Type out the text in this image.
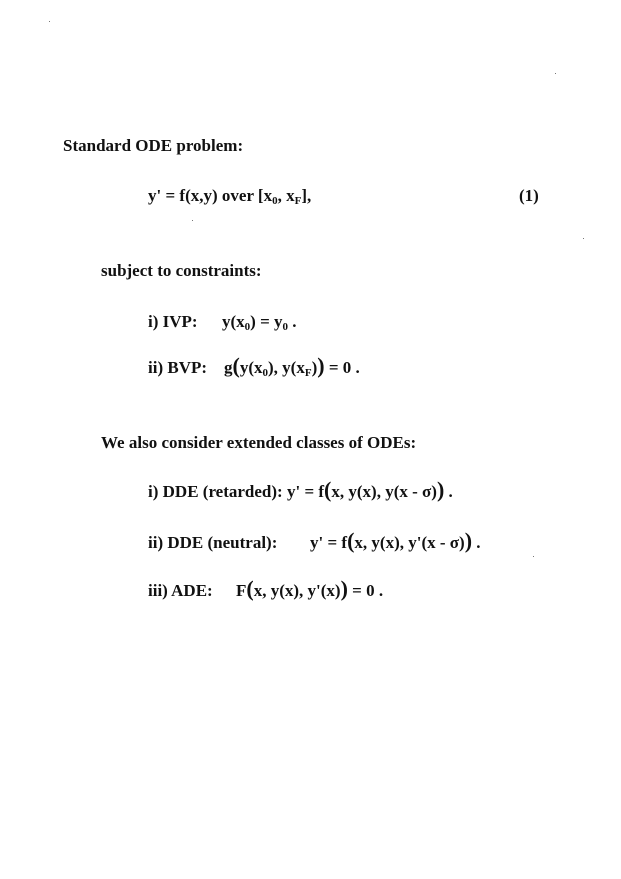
Standard ODE problem:
y' = f(x,y) over [$x_0$, $x_F$],	(1)
subject to constraints:
i) IVP: $y(x_0) = y_0$ .
ii) BVP: $g(y(x_0)$, $y(x_F)) = 0$ .
We also consider extended classes of ODEs:
i) DDE (retarded): y' = f(x, y(x), y(x - σ)) .
ii) DDE (neutral): y' = f(x, y(x), y'(x - σ)) .
iii) ADE: F(x, y(x), y'(x)) = 0 .
